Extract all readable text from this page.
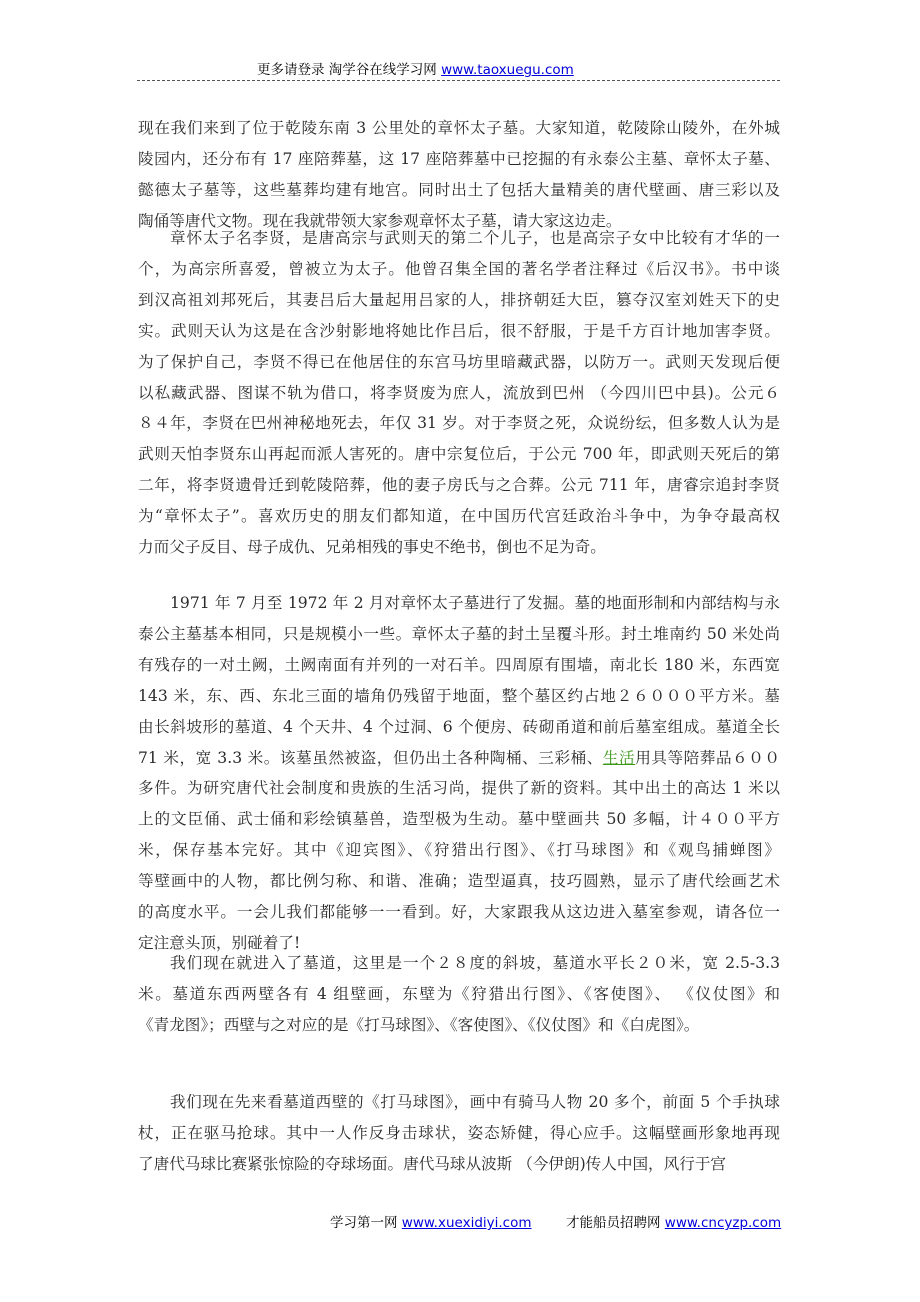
更多请登录 淘学谷在线学习网 www.taoxuegu.com
现在我们来到了位于乾陵东南 3 公里处的章怀太子墓。大家知道，乾陵除山陵外，在外城
陵园内，还分布有 17 座陪葬墓，这 17 座陪葬墓中已挖掘的有永泰公主墓、章怀太子墓、
懿德太子墓等，这些墓葬均建有地宫。同时出土了包括大量精美的唐代壁画、唐三彩以及
陶俑等唐代文物。现在我就带领大家参观章怀太子墓，请大家这边走。
章怀太子名李贤，是唐高宗与武则天的第二个儿子，也是高宗子女中比较有才华的一
个，为高宗所喜爱，曾被立为太子。他曾召集全国的著名学者注释过《后汉书》。书中谈
到汉高祖刘邦死后，其妻吕后大量起用吕家的人，排挤朝廷大臣，篡夺汉室刘姓天下的史
实。武则天认为这是在含沙射影地将她比作吕后，很不舒服，于是千方百计地加害李贤。
为了保护自己，李贤不得已在他居住的东宫马坊里暗藏武器，以防万一。武则天发现后便
以私藏武器、图谋不轨为借口，将李贤废为庶人，流放到巴州 （今四川巴中县)。公元６
８４年，李贤在巴州神秘地死去，年仅 31 岁。对于李贤之死，众说纷纭，但多数人认为是
武则天怕李贤东山再起而派人害死的。唐中宗复位后，于公元 700 年，即武则天死后的第
二年，将李贤遗骨迁到乾陵陪葬，他的妻子房氏与之合葬。公元 711 年，唐睿宗追封李贤
为“章怀太子”。喜欢历史的朋友们都知道，在中国历代宫廷政治斗争中，为争夺最高权
力而父子反目、母子成仇、兄弟相残的事史不绝书，倒也不足为奇。
1971 年 7 月至 1972 年 2 月对章怀太子墓进行了发掘。墓的地面形制和内部结构与永
泰公主墓基本相同，只是规模小一些。章怀太子墓的封土呈覆斗形。封土堆南约 50 米处尚
有残存的一对土阙，土阙南面有并列的一对石羊。四周原有围墙，南北长 180 米，东西宽
143 米，东、西、东北三面的墙角仍残留于地面，整个墓区约占地２６０００平方米。墓
由长斜坡形的墓道、4 个天井、4 个过洞、6 个便房、砖砌甬道和前后墓室组成。墓道全长
71 米，宽 3.3 米。该墓虽然被盗，但仍出土各种陶桶、三彩桶、生活用具等陪葬品６００
多件。为研究唐代社会制度和贵族的生活习尚，提供了新的资料。其中出土的高达 1 米以
上的文臣俑、武士俑和彩绘镇墓兽，造型极为生动。墓中壁画共 50 多幅，计４００平方
米，保存基本完好。其中《迎宾图》、《狩猎出行图》、《打马球图》和《观鸟捕蝉图》
等壁画中的人物，都比例匀称、和谐、准确；造型逼真，技巧圆熟，显示了唐代绘画艺术
的高度水平。一会儿我们都能够一一看到。好，大家跟我从这边进入墓室参观，请各位一
定注意头顶，别碰着了!
我们现在就进入了墓道，这里是一个２８度的斜坡，墓道水平长２０米，宽 2.5-3.3
米。墓道东西两壁各有 4 组壁画，东壁为《狩猎出行图》、《客使图》、 《仪仗图》和
《青龙图》；西壁与之对应的是《打马球图》、《客使图》、《仪仗图》和《白虎图》。
我们现在先来看墓道西壁的《打马球图》，画中有骑马人物 20 多个，前面 5 个手执球
杖，正在驱马抢球。其中一人作反身击球状，姿态矫健，得心应手。这幅壁画形象地再现
了唐代马球比赛紧张惊险的夺球场面。唐代马球从波斯 （今伊朗)传人中国，风行于宫
学习第一网 www.xuexidiyi.com	才能船员招聘网 www.cncyzp.com
